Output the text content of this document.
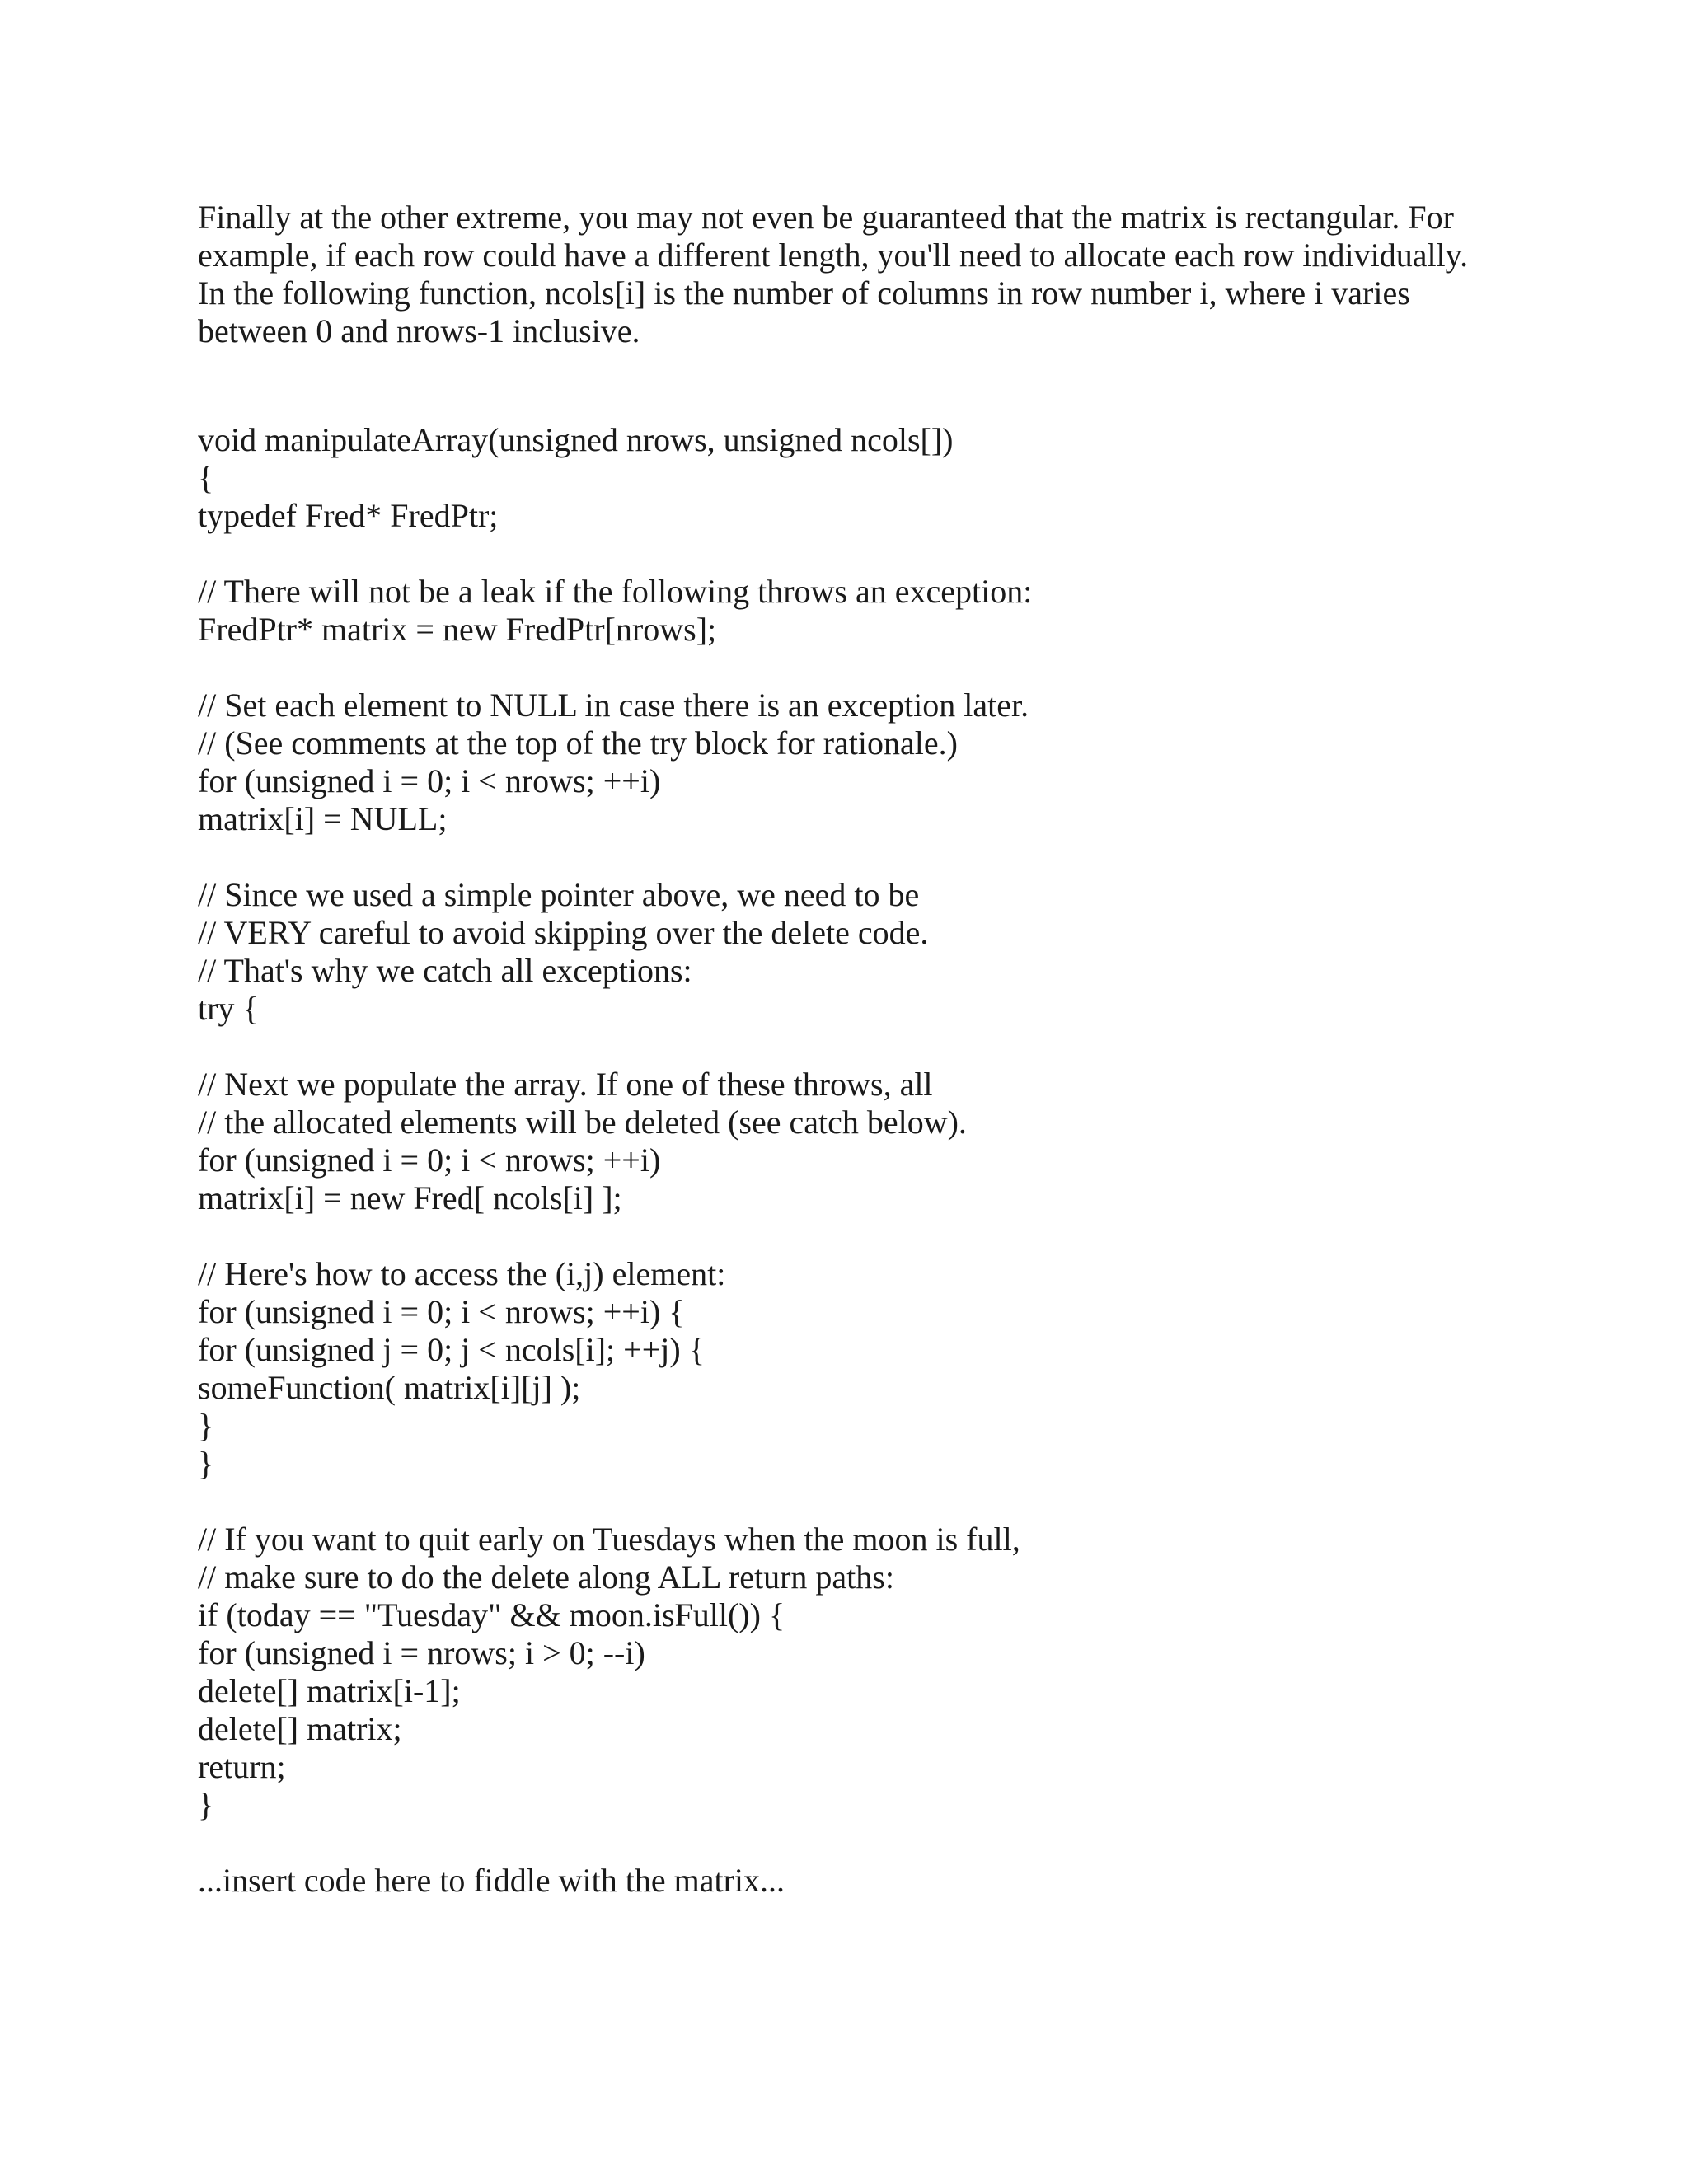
Finally at the other extreme, you may not even be guaranteed that the matrix is rectangular. For
example, if each row could have a different length, you'll need to allocate each row individually.
In the following function, ncols[i] is the number of columns in row number i, where i varies
between 0 and nrows-1 inclusive.
void manipulateArray(unsigned nrows, unsigned ncols[])
{
typedef Fred* FredPtr;
// There will not be a leak if the following throws an exception:
FredPtr* matrix = new FredPtr[nrows];
// Set each element to NULL in case there is an exception later.
// (See comments at the top of the try block for rationale.)
for (unsigned i = 0; i < nrows; ++i)
matrix[i] = NULL;
// Since we used a simple pointer above, we need to be
// VERY careful to avoid skipping over the delete code.
// That's why we catch all exceptions:
try {
// Next we populate the array. If one of these throws, all
// the allocated elements will be deleted (see catch below).
for (unsigned i = 0; i < nrows; ++i)
matrix[i] = new Fred[ ncols[i] ];
// Here's how to access the (i,j) element:
for (unsigned i = 0; i < nrows; ++i) {
for (unsigned j = 0; j < ncols[i]; ++j) {
someFunction( matrix[i][j] );
}
}
// If you want to quit early on Tuesdays when the moon is full,
// make sure to do the delete along ALL return paths:
if (today == "Tuesday" && moon.isFull()) {
for (unsigned i = nrows; i > 0; --i)
delete[] matrix[i-1];
delete[] matrix;
return;
}
...insert code here to fiddle with the matrix...
